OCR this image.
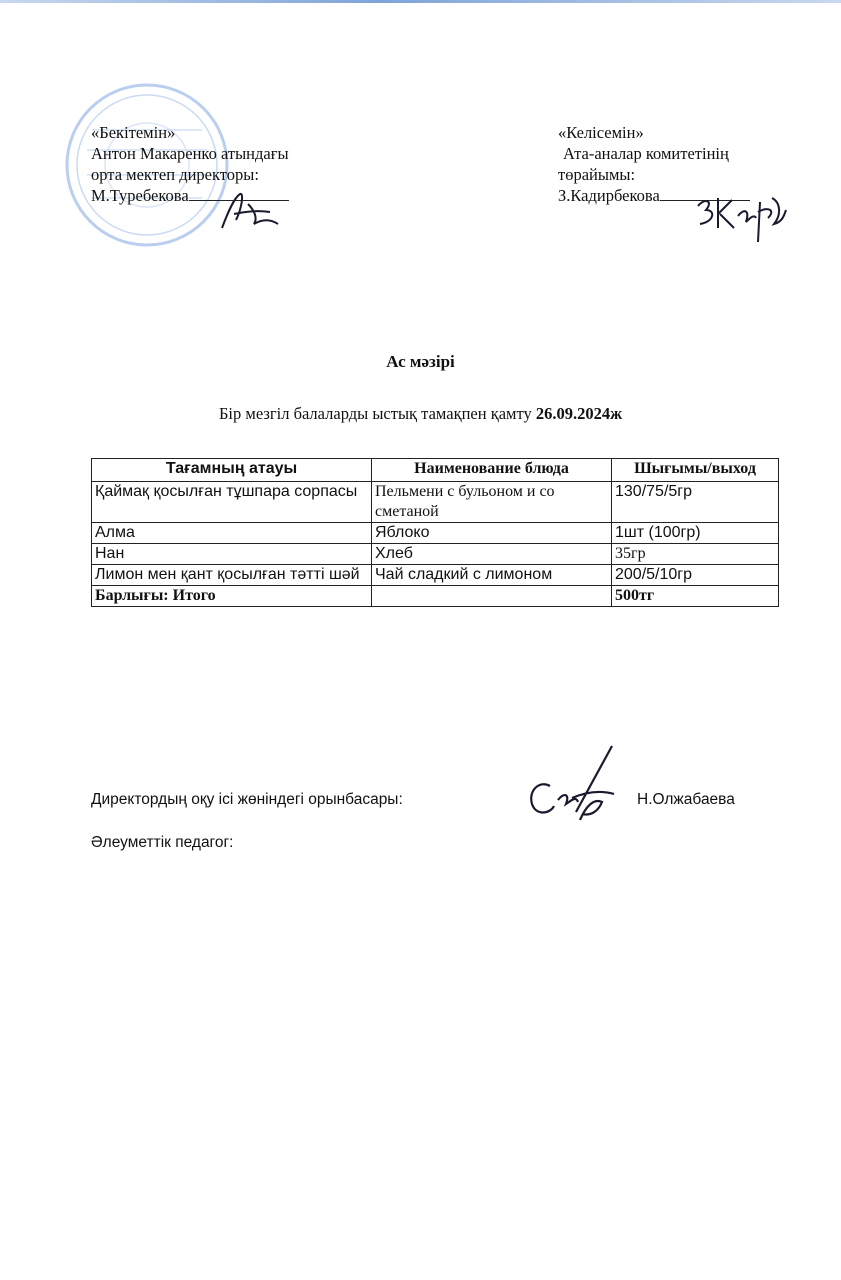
«Бекітемін»
Антон Макаренко атындағы
орта мектеп директоры:
М.Туребекова
«Келісемін»
Ата-аналар комитетінің
төрайымы:
З.Кадирбекова
Ас мәзірі
Бір мезгіл балаларды ыстық тамақпен қамту 26.09.2024ж
Тағамның атауы	Наименование блюда	Шығымы/выход
Қаймақ қосылған тұшпара сорпасы	Пельмени с бульоном и со сметаной	130/75/5гр
Алма	Яблоко	1шт (100гр)
Нан	Хлеб	35гр
Лимон мен қант қосылған тәтті шәй	Чай сладкий с лимоном	200/5/10гр
Барлығы: Итого		500тг
Директордың оқу ісі жөніндегі орынбасары:	Н.Олжабаева
Әлеуметтік педагог:
